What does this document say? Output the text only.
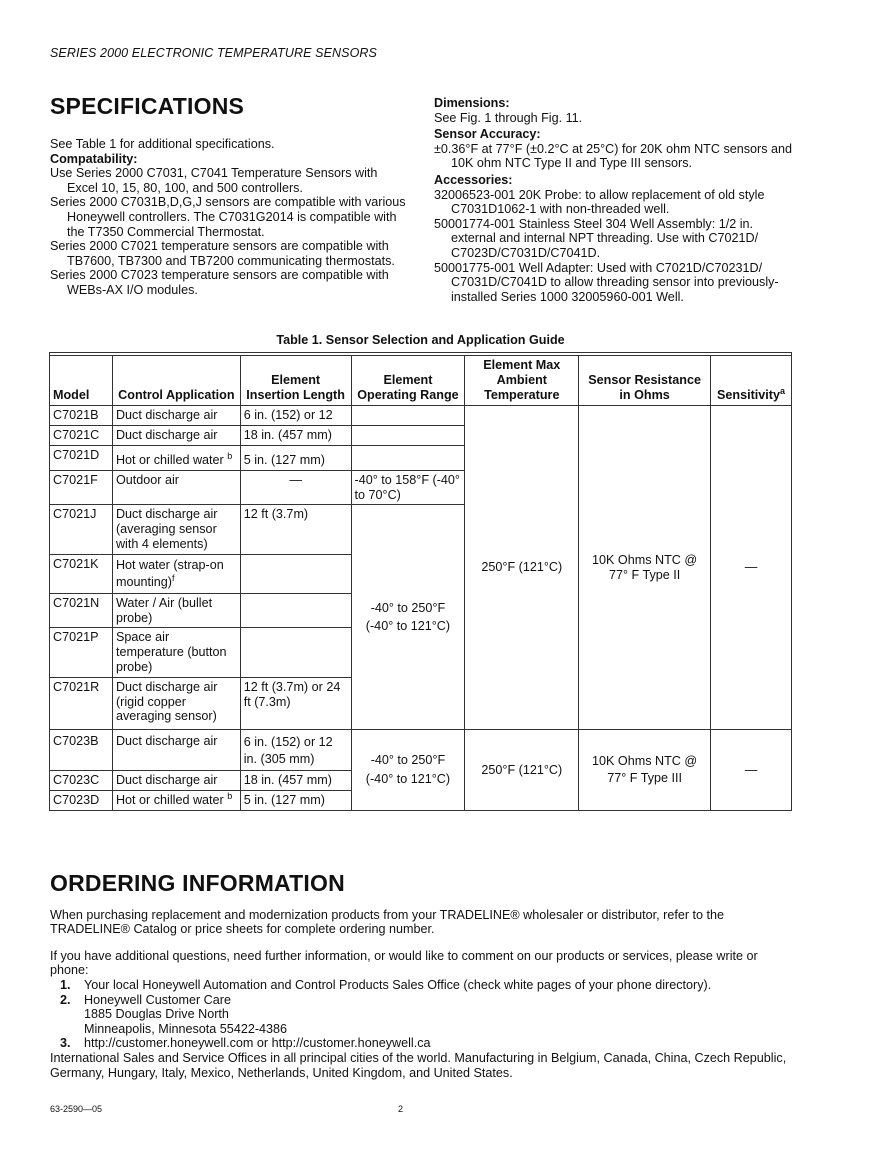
SERIES 2000 ELECTRONIC TEMPERATURE SENSORS
SPECIFICATIONS

See Table 1 for additional specifications.

Compatability:

Use Series 2000 C7031, C7041 Temperature Sensors with Excel 10, 15, 80, 100, and 500 controllers.

Series 2000 C7031B,D,G,J sensors are compatible with various Honeywell controllers. The C7031G2014 is compatible with the T7350 Commercial Thermostat.

Series 2000 C7021 temperature sensors are compatible with TB7600, TB7300 and TB7200 communicating thermostats.

Series 2000 C7023 temperature sensors are compatible with WEBs-AX I/O modules.

Dimensions:

See Fig. 1 through Fig. 11.

Sensor Accuracy:

±0.36°F at 77°F (±0.2°C at 25°C) for 20K ohm NTC sensors and 10K ohm NTC Type II and Type III sensors.

Accessories:

32006523-001 20K Probe: to allow replacement of old style C7031D1062-1 with non-threaded well.

50001774-001 Stainless Steel 304 Well Assembly: 1/2 in. external and internal NPT threading. Use with C7021D/ C7023D/C7031D/C7041D.

50001775-001 Well Adapter: Used with C7021D/C70231D/ C7031D/C7041D to allow threading sensor into previously-installed Series 1000 32005960-001 Well.

Table 1. Sensor Selection and Application Guide

Model	Control Application	Element Insertion Length	Element Operating Range	Element Max Ambient Temperature	Sensor Resistance in Ohms	Sensitivity$^a$
C7021B	Duct discharge air	6 in. (152) or 12		250°F (121°C)	10K Ohms NTC @ 77° F Type II	—
C7021C	Duct discharge air	18 in. (457 mm)				
C7021D	Hot or chilled water $^b$	5 in. (127 mm)				
C7021F	Outdoor air	—	-40° to 158°F (-40° to 70°C)			
C7021J	Duct discharge air (averaging sensor with 4 elements)	12 ft (3.7m)	-40° to 250°F (-40° to 121°C)			
C7021K	Hot water (strap-on mounting)$^f$	
C7021N	Water / Air (bullet probe)					
C7021P	Space air temperature (button probe)					
C7021R	Duct discharge air (rigid copper averaging sensor)	12 ft (3.7m) or 24 ft (7.3m)				
C7023B	Duct discharge air	6 in. (152) or 12 in. (305 mm)	-40° to 250°F (-40° to 121°C)	250°F (121°C)	10K Ohms NTC @ 77° F Type III	—
C7023C	Duct discharge air	18 in. (457 mm)				
C7023D	Hot or chilled water $^b$	5 in. (127 mm)				
ORDERING INFORMATION

When purchasing replacement and modernization products from your TRADELINE® wholesaler or distributor, refer to the TRADELINE® Catalog or price sheets for complete ordering number.

If you have additional questions, need further information, or would like to comment on our products or services, please write or phone:

1. Your local Honeywell Automation and Control Products Sales Office (check white pages of your phone directory).
2. Honeywell Customer Care
1885 Douglas Drive North
Minneapolis, Minnesota 55422-4386
3. http://customer.honeywell.com or http://customer.honeywell.ca

International Sales and Service Offices in all principal cities of the world. Manufacturing in Belgium, Canada, China, Czech Republic, Germany, Hungary, Italy, Mexico, Netherlands, United Kingdom, and United States.

63-2590—05	2
